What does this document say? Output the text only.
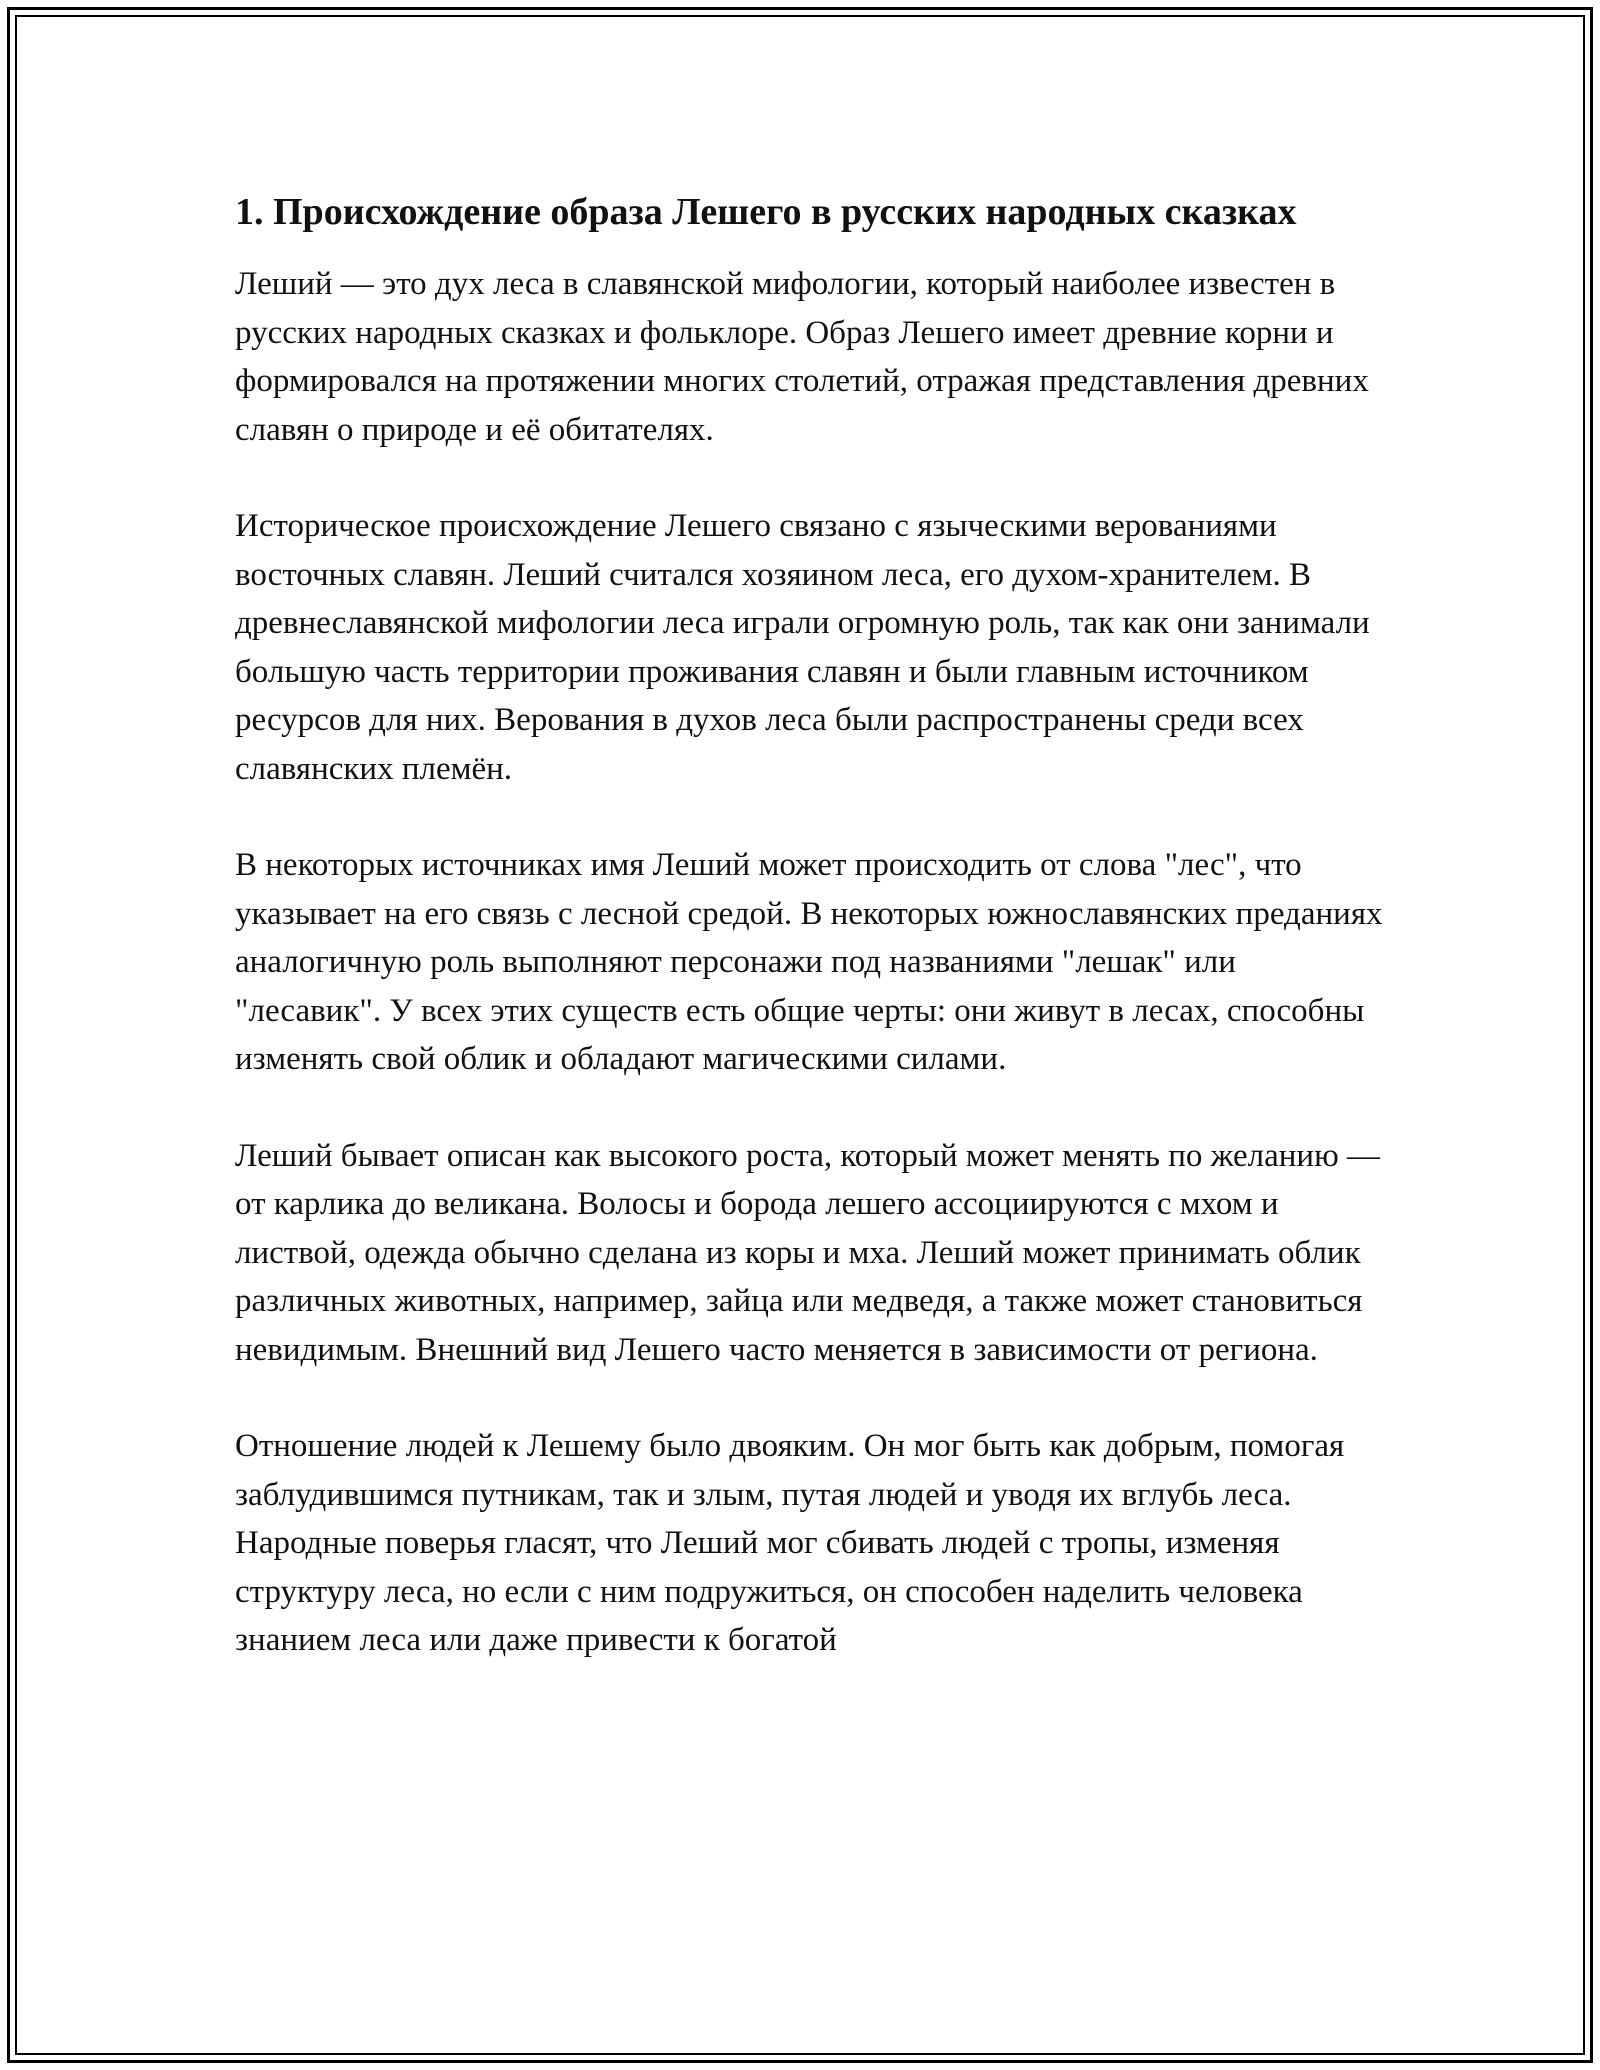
1. Происхождение образа Лешего в русских народных сказках

Леший — это дух леса в славянской мифологии, который наиболее известен в русских народных сказках и фольклоре. Образ Лешего имеет древние корни и формировался на протяжении многих столетий, отражая представления древних славян о природе и её обитателях.

Историческое происхождение Лешего связано с языческими верованиями восточных славян. Леший считался хозяином леса, его духом-хранителем. В древнеславянской мифологии леса играли огромную роль, так как они занимали большую часть территории проживания славян и были главным источником ресурсов для них. Верования в духов леса были распространены среди всех славянских племён.

В некоторых источниках имя Леший может происходить от слова "лес", что указывает на его связь с лесной средой. В некоторых южнославянских преданиях аналогичную роль выполняют персонажи под названиями "лешак" или "лесавик". У всех этих существ есть общие черты: они живут в лесах, способны изменять свой облик и обладают магическими силами.

Леший бывает описан как высокого роста, который может менять по желанию — от карлика до великана. Волосы и борода лешего ассоциируются с мхом и листвой, одежда обычно сделана из коры и мха. Леший может принимать облик различных животных, например, зайца или медведя, а также может становиться невидимым. Внешний вид Лешего часто меняется в зависимости от региона.

Отношение людей к Лешему было двояким. Он мог быть как добрым, помогая заблудившимся путникам, так и злым, путая людей и уводя их вглубь леса. Народные поверья гласят, что Леший мог сбивать людей с тропы, изменяя структуру леса, но если с ним подружиться, он способен наделить человека знанием леса или даже привести к богатой
